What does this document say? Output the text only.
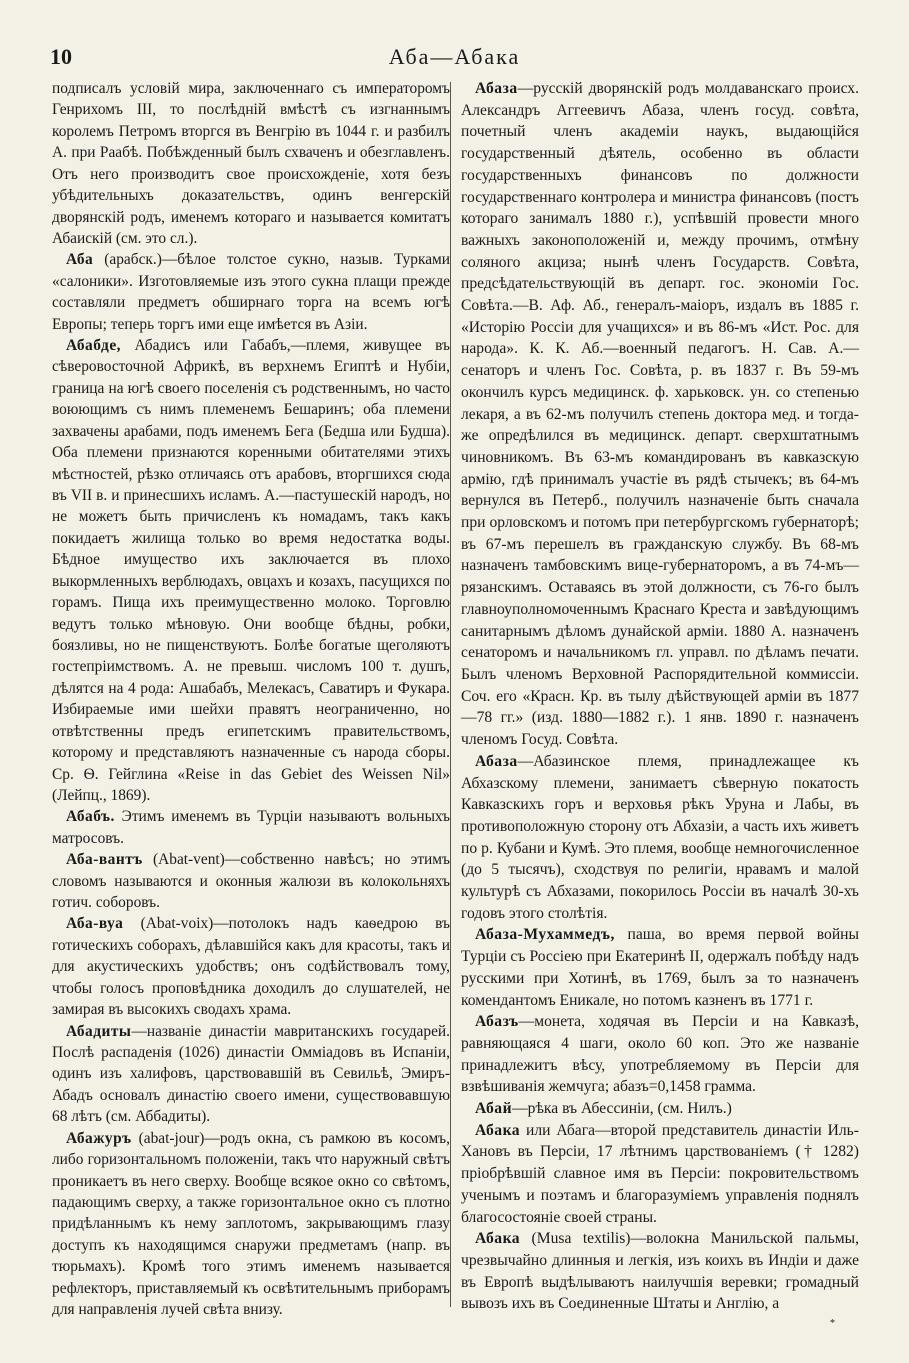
10	Аба—Абака

подписалъ условій мира, заключеннаго съ императоромъ Генрихомъ III, то послѣдній вмѣстѣ съ изгнаннымъ королемъ Петромъ вторгся въ Венгрію въ 1044 г. и разбилъ А. при Раабѣ. Побѣжденный былъ схваченъ и обезглавленъ. Отъ него производитъ свое происхожденіе, хотя безъ убѣдительныхъ доказательствъ, одинъ венгерскій дворянскій родъ, именемъ котораго и называется комитатъ Абаискій (см. это сл.).

Аба (арабск.)—бѣлое толстое сукно, назыв. Турками «салоники». Изготовляемые изъ этого сукна плащи прежде составляли предметъ обширнаго торга на всемъ югѣ Европы; теперь торгъ ими еще имѣется въ Азіи.

Абабде, Абадисъ или Габабъ,—племя, живущее въ сѣверовосточной Африкѣ, въ верхнемъ Египтѣ и Нубіи, граница на югѣ своего поселенія съ родственнымъ, но часто воюющимъ съ нимъ племенемъ Бешаринъ; оба племени захвачены арабами, подъ именемъ Бега (Бедша или Будша). Оба племени признаются коренными обитателями этихъ мѣстностей, рѣзко отличаясь отъ арабовъ, вторгшихся сюда въ VII в. и принесшихъ исламъ. А.—пастушескій народъ, но не можетъ быть причисленъ къ номадамъ, такъ какъ покидаетъ жилища только во время недостатка воды. Бѣдное имущество ихъ заключается въ плохо выкормленныхъ верблюдахъ, овцахъ и козахъ, пасущихся по горамъ. Пища ихъ преимущественно молоко. Торговлю ведутъ только мѣновую. Они вообще бѣдны, робки, боязливы, но не пищенствуютъ. Болѣе богатые щеголяютъ гостепріимствомъ. А. не превыш. числомъ 100 т. душъ, дѣлятся на 4 рода: Ашабабъ, Мелекасъ, Саватиръ и Фукара. Избираемые ими шейхи правятъ неограниченно, но отвѣтственны предъ египетскимъ правительствомъ, которому и представляютъ назначенные съ народа сборы. Ср. Ѳ. Гейглина «Reise in das Gebiet des Weissen Nil» (Лейпц., 1869).

Абабъ. Этимъ именемъ въ Турціи называютъ вольныхъ матросовъ.

Аба-вантъ (Abat-vent)—собственно навѣсъ; но этимъ словомъ называются и оконныя жалюзи въ колокольняхъ готич. соборовъ.

Аба-вуа (Abat-voix)—потолокъ надъ каѳедрою въ готическихъ соборахъ, дѣлавшійся какъ для красоты, такъ и для акустическихъ удобствъ; онъ содѣйствовалъ тому, чтобы голосъ проповѣдника доходилъ до слушателей, не замирая въ высокихъ сводахъ храма.

Абадиты—названіе династіи мавританскихъ государей. Послѣ распаденія (1026) династіи Омміадовъ въ Испаніи, одинъ изъ халифовъ, царствовавшій въ Севильѣ, Эмиръ-Абадъ основалъ династію своего имени, существовавшую 68 лѣтъ (см. Аббадиты).

Абажуръ (abat-jour)—родъ окна, съ рамкою въ косомъ, либо горизонтальномъ положеніи, такъ что наружный свѣтъ проникаетъ въ него сверху. Вообще всякое окно со свѣтомъ, падающимъ сверху, а также горизонтальное окно съ плотно придѣланнымъ къ нему заплотомъ, закрывающимъ глазу доступъ къ находящимся снаружи предметамъ (напр. въ тюрьмахъ). Кромѣ того этимъ именемъ называется рефлекторъ, приставляемый къ освѣтительнымъ приборамъ для направленія лучей свѣта внизу.

Абаза—русскій дворянскій родъ молдаванскаго происх. Александръ Аггеевичъ Абаза, членъ госуд. совѣта, почетный членъ академіи наукъ, выдающійся государственный дѣятель, особенно въ области государственныхъ финансовъ по должности государственнаго контролера и министра финансовъ (постъ котораго занималъ 1880 г.), успѣвшій провести много важныхъ законоположеній и, между прочимъ, отмѣну соляного акциза; нынѣ членъ Государств. Совѣта, предсѣдательствующій въ департ. гос. экономіи Гос. Совѣта.—В. Аф. Аб., генералъ-маіоръ, издалъ въ 1885 г. «Исторію Россіи для учащихся» и въ 86-мъ «Ист. Рос. для народа». К. К. Аб.—военный педагогъ. Н. Сав. А.—сенаторъ и членъ Гос. Совѣта, р. въ 1837 г. Въ 59-мъ окончилъ курсъ медицинск. ф. харьковск. ун. со степенью лекаря, а въ 62-мъ получилъ степень доктора мед. и тогда-же опредѣлился въ медицинск. департ. сверхштатнымъ чиновникомъ. Въ 63-мъ командированъ въ кавказскую армію, гдѣ принималъ участіе въ рядѣ стычекъ; въ 64-мъ вернулся въ Петерб., получилъ назначеніе быть сначала при орловскомъ и потомъ при петербургскомъ губернаторѣ; въ 67-мъ перешелъ въ гражданскую службу. Въ 68-мъ назначенъ тамбовскимъ вице-губернаторомъ, а въ 74-мъ—рязанскимъ. Оставаясь въ этой должности, съ 76-го былъ главноуполномоченнымъ Краснаго Креста и завѣдующимъ санитарнымъ дѣломъ дунайской арміи. 1880 А. назначенъ сенаторомъ и начальникомъ гл. управл. по дѣламъ печати. Былъ членомъ Верховной Распорядительной коммиссіи. Соч. его «Красн. Кр. въ тылу дѣйствующей арміи въ 1877—78 гг.» (изд. 1880—1882 г.). 1 янв. 1890 г. назначенъ членомъ Госуд. Совѣта.

Абаза—Абазинское племя, принадлежащее къ Абхазскому племени, занимаетъ сѣверную покатость Кавказскихъ горъ и верховья рѣкъ Уруна и Лабы, въ противоположную сторону отъ Абхазіи, а часть ихъ живетъ по р. Кубани и Кумѣ. Это племя, вообще немногочисленное (до 5 тысячъ), сходствуя по религіи, нравамъ и малой культурѣ съ Абхазами, покорилось Россіи въ началѣ 30-хъ годовъ этого столѣтія.

Абаза-Мухаммедъ, паша, во время первой войны Турціи съ Россіею при Екатеринѣ II, одержалъ побѣду надъ русскими при Хотинѣ, въ 1769, былъ за то назначенъ комендантомъ Еникале, но потомъ казненъ въ 1771 г.

Абазъ—монета, ходячая въ Персіи и на Кавказѣ, равняющаяся 4 шаги, около 60 коп. Это же названіе принадлежитъ вѣсу, употребляемому въ Персіи для взвѣшиванія жемчуга; абазъ=0,1458 грамма.

Абай—рѣка въ Абессиніи, (см. Нилъ.)

Абака или Абага—второй представитель династіи Иль-Хановъ въ Персіи, 17 лѣтнимъ царствованіемъ († 1282) пріобрѣвшій славное имя въ Персіи: покровительствомъ ученымъ и поэтамъ и благоразуміемъ управленія поднялъ благосостояніе своей страны.

Абака (Musa textilis)—волокна Манильской пальмы, чрезвычайно длинныя и легкія, изъ коихъ въ Индіи и даже въ Европѣ выдѣлываютъ наилучшія веревки; громадный вывозъ ихъ въ Соединенные Штаты и Англію, а

*
